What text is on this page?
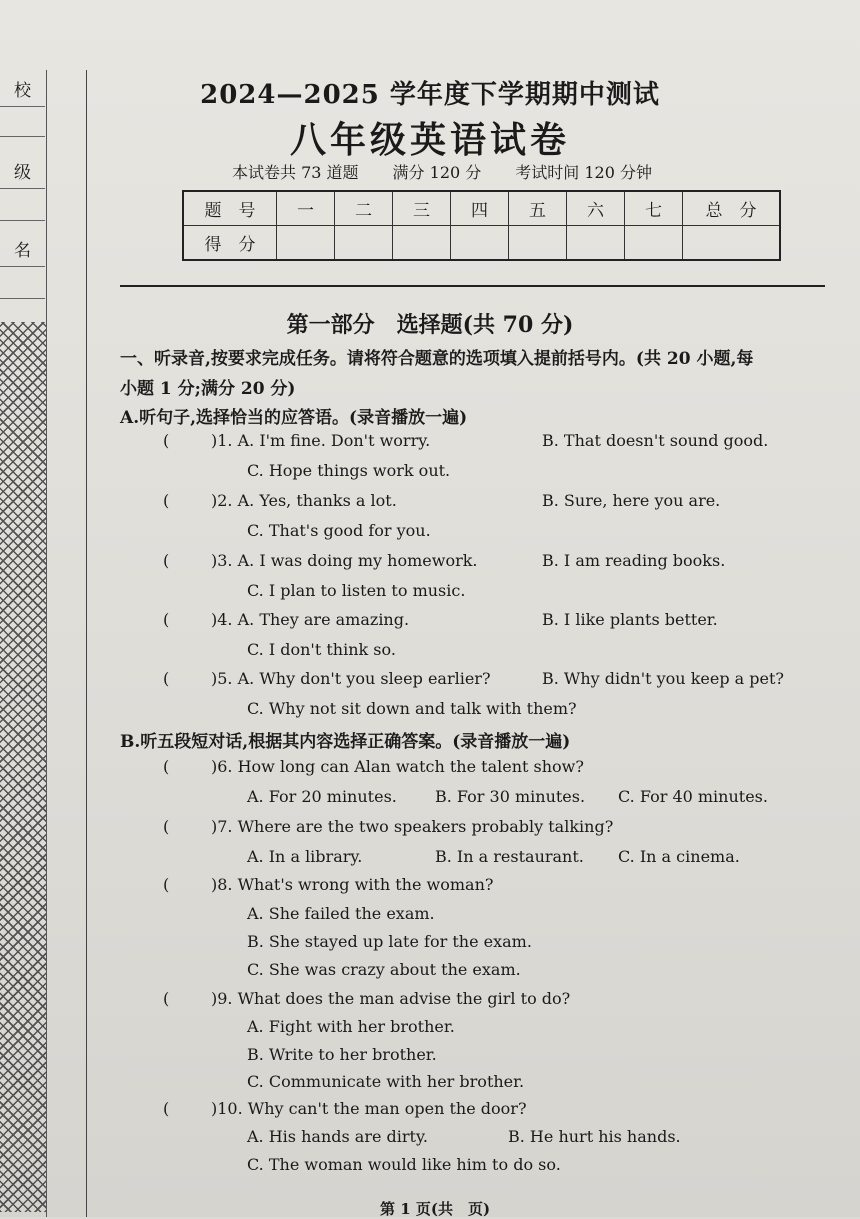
校
级
名
2024—2025 学年度下学期期中测试
八年级英语试卷
本试卷共 73 道题 满分 120 分 考试时间 120 分钟
题　号	一	二	三	四	五	六	七	总　分
得　分								
第一部分　选择题(共 70 分)
一、听录音,按要求完成任务。请将符合题意的选项填入提前括号内。(共 20 小题,每
小题 1 分;满分 20 分)
A.听句子,选择恰当的应答语。(录音播放一遍)
(	)1. A. I'm fine. Don't worry.	B. That doesn't sound good.
C. Hope things work out.
(	)2. A. Yes, thanks a lot.	B. Sure, here you are.
C. That's good for you.
(	)3. A. I was doing my homework.	B. I am reading books.
C. I plan to listen to music.
(	)4. A. They are amazing.	B. I like plants better.
C. I don't think so.
(	)5. A. Why don't you sleep earlier?	B. Why didn't you keep a pet?
C. Why not sit down and talk with them?
B.听五段短对话,根据其内容选择正确答案。(录音播放一遍)
(	)6. How long can Alan watch the talent show?
A. For 20 minutes. B. For 30 minutes. C. For 40 minutes.
(	)7. Where are the two speakers probably talking?
A. In a library.	B. In a restaurant. C. In a cinema.
(	)8. What's wrong with the woman?
A. She failed the exam.
B. She stayed up late for the exam.
C. She was crazy about the exam.
(	)9. What does the man advise the girl to do?
A. Fight with her brother.
B. Write to her brother.
C. Communicate with her brother.
(	)10. Why can't the man open the door?
A. His hands are dirty.	B. He hurt his hands.
C. The woman would like him to do so.
第 1 页(共　页)
